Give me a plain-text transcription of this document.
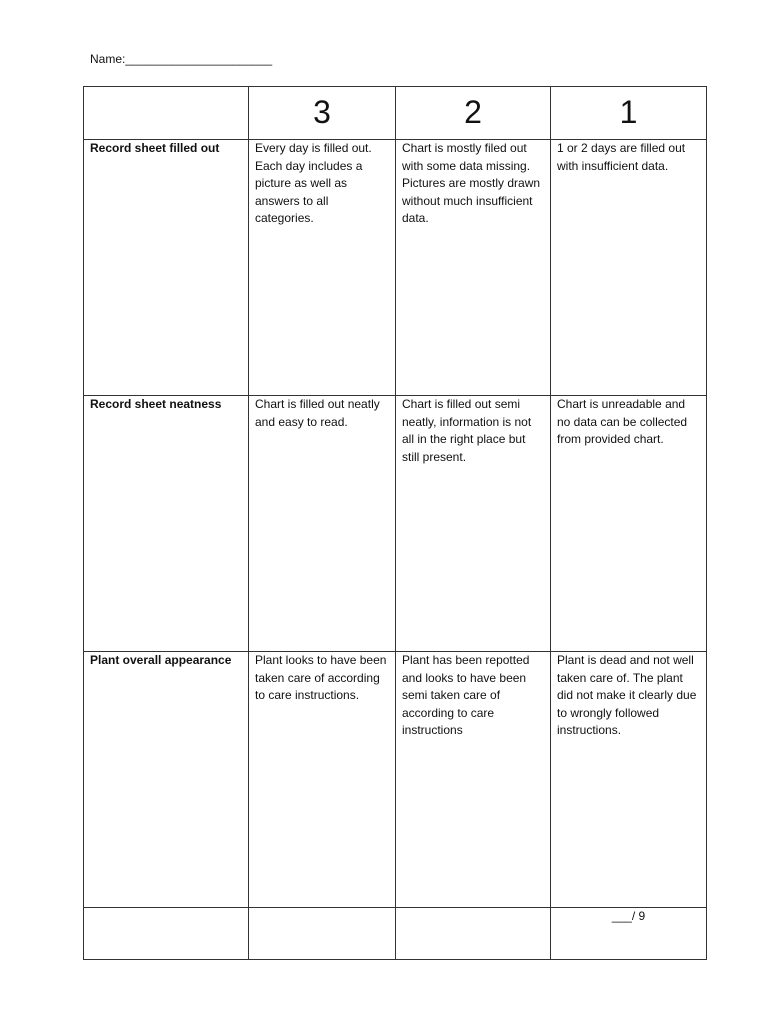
Name:______________________
	3	2	1

Record sheet filled out	Every day is filled out. Each day includes a picture as well as answers to all categories.	Chart is mostly filed out with some data missing. Pictures are mostly drawn without much insufficient data.	1 or 2 days are filled out with insufficient data.

Record sheet neatness	Chart is filled out neatly and easy to read.	Chart is filled out semi neatly, information is not all in the right place but still present.	Chart is unreadable and no data can be collected from provided chart.

Plant overall appearance	Plant looks to have been taken care of according to care instructions.	Plant has been repotted and looks to have been semi taken care of according to care instructions	Plant is dead and not well taken care of. The plant did not make it clearly due to wrongly followed instructions.

			___/ 9
